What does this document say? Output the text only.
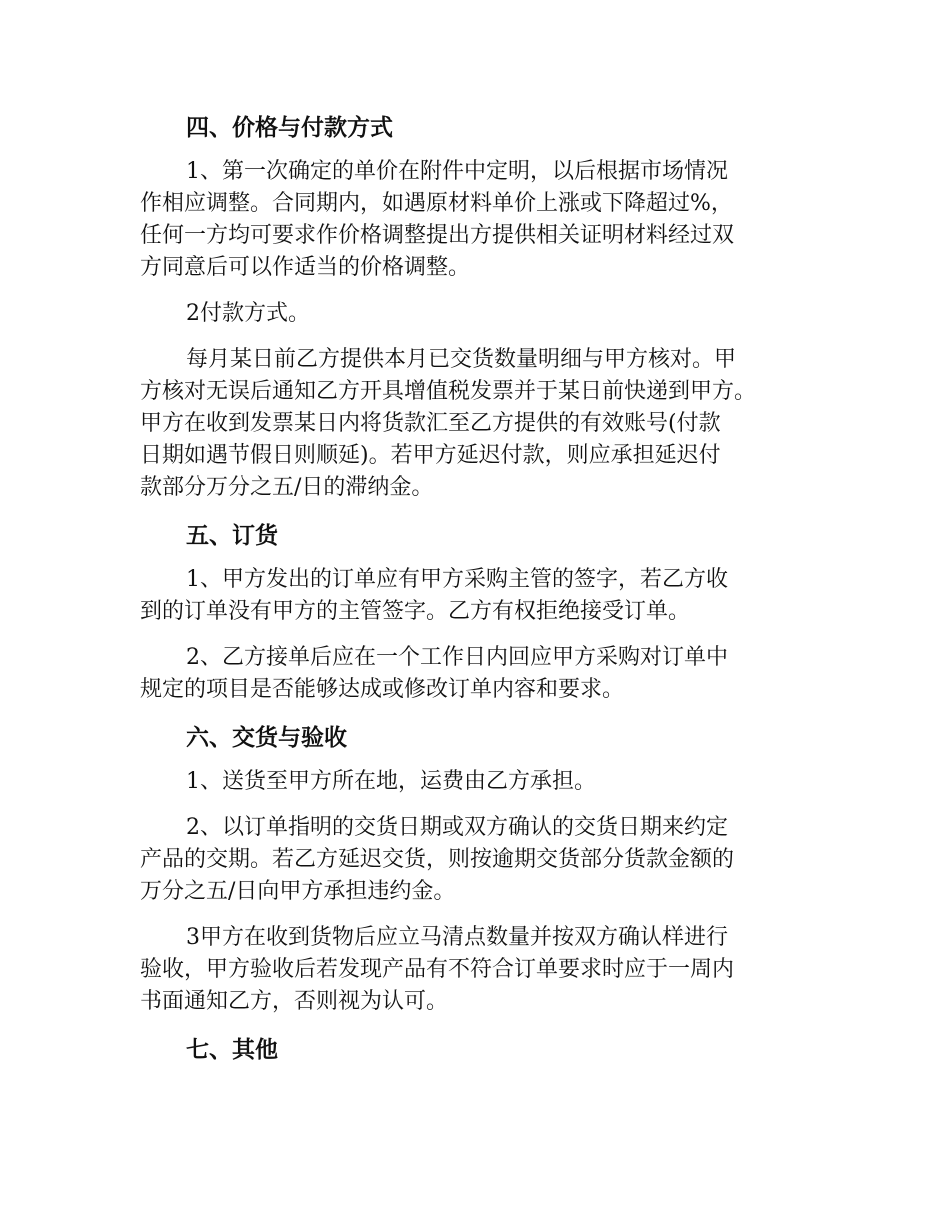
四、价格与付款方式
1、第一次确定的单价在附件中定明，以后根据市场情况
作相应调整。合同期内，如遇原材料单价上涨或下降超过%，
任何一方均可要求作价格调整提出方提供相关证明材料经过双
方同意后可以作适当的价格调整。
2付款方式。
每月某日前乙方提供本月已交货数量明细与甲方核对。甲
方核对无误后通知乙方开具增值税发票并于某日前快递到甲方。
甲方在收到发票某日内将货款汇至乙方提供的有效账号(付款
日期如遇节假日则顺延)。若甲方延迟付款，则应承担延迟付
款部分万分之五/日的滞纳金。
五、订货
1、甲方发出的订单应有甲方采购主管的签字，若乙方收
到的订单没有甲方的主管签字。乙方有权拒绝接受订单。
2、乙方接单后应在一个工作日内回应甲方采购对订单中
规定的项目是否能够达成或修改订单内容和要求。
六、交货与验收
1、送货至甲方所在地，运费由乙方承担。
2、以订单指明的交货日期或双方确认的交货日期来约定
产品的交期。若乙方延迟交货，则按逾期交货部分货款金额的
万分之五/日向甲方承担违约金。
3甲方在收到货物后应立马清点数量并按双方确认样进行
验收，甲方验收后若发现产品有不符合订单要求时应于一周内
书面通知乙方，否则视为认可。
七、其他
